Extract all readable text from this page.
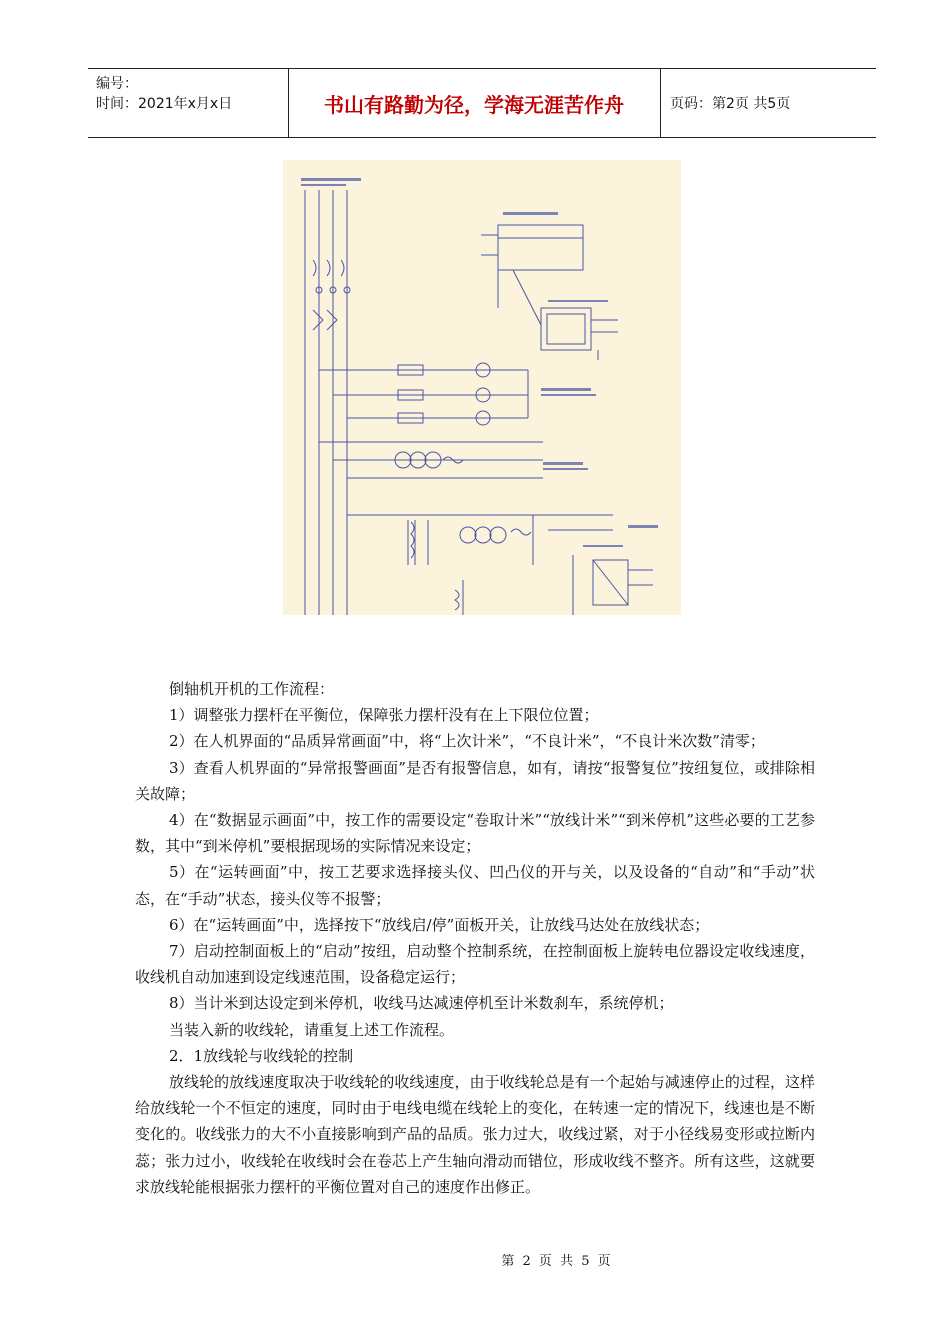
编号：
时间：2021年x月x日	书山有路勤为径，学海无涯苦作舟	页码：第2页 共5页

倒轴机开机的工作流程：

1）调整张力摆杆在平衡位，保障张力摆杆没有在上下限位位置；

2）在人机界面的“品质异常画面”中，将“上次计米”，“不良计米”，“不良计米次数”清零；

3）查看人机界面的“异常报警画面”是否有报警信息，如有，请按“报警复位”按纽复位，或排除相关故障；

4）在“数据显示画面”中，按工作的需要设定“卷取计米”“放线计米”“到米停机”这些必要的工艺参数，其中“到米停机”要根据现场的实际情况来设定；

5）在“运转画面”中，按工艺要求选择接头仪、凹凸仪的开与关，以及设备的“自动”和“手动”状态，在“手动”状态，接头仪等不报警；

6）在“运转画面”中，选择按下“放线启/停”面板开关，让放线马达处在放线状态；

7）启动控制面板上的“启动”按纽，启动整个控制系统，在控制面板上旋转电位器设定收线速度，收线机自动加速到设定线速范围，设备稳定运行；

8）当计米到达设定到米停机，收线马达减速停机至计米数刹车，系统停机；

当装入新的收线轮，请重复上述工作流程。

2．1放线轮与收线轮的控制

放线轮的放线速度取决于收线轮的收线速度，由于收线轮总是有一个起始与减速停止的过程，这样给放线轮一个不恒定的速度，同时由于电线电缆在线轮上的变化，在转速一定的情况下，线速也是不断变化的。收线张力的大不小直接影响到产品的品质。张力过大，收线过紧，对于小径线易变形或拉断内蕊；张力过小，收线轮在收线时会在卷芯上产生轴向滑动而错位，形成收线不整齐。所有这些，这就要求放线轮能根据张力摆杆的平衡位置对自己的速度作出修正。

第 2 页 共 5 页
